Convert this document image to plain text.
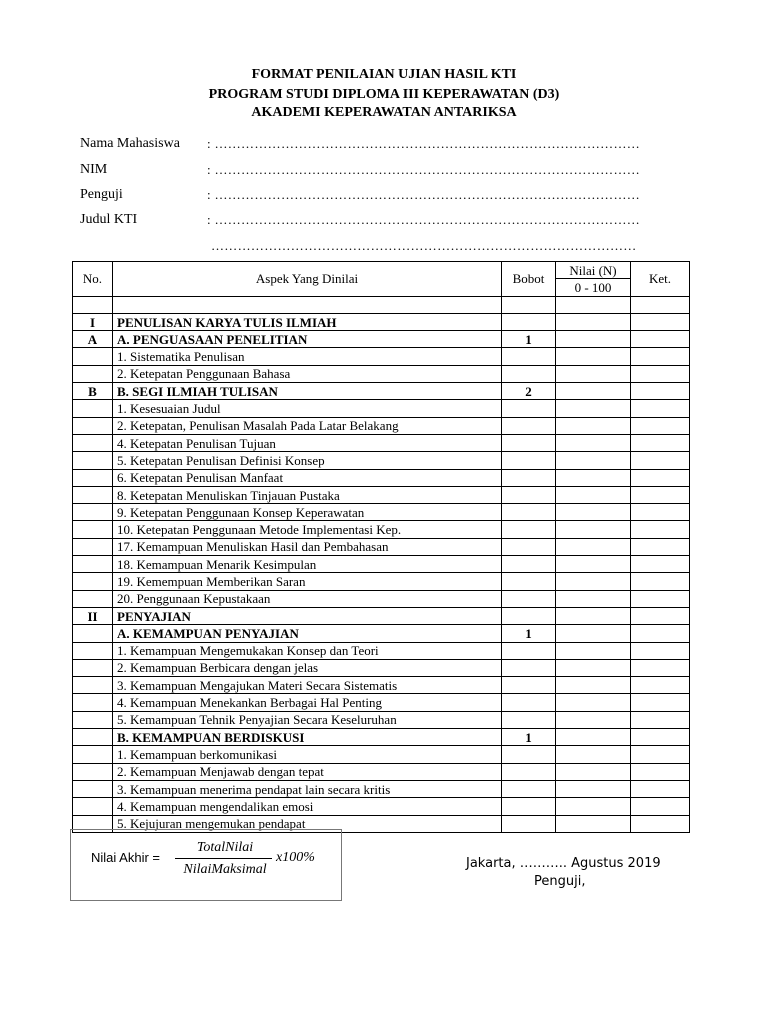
FORMAT PENILAIAN UJIAN HASIL KTI
PROGRAM STUDI DIPLOMA III KEPERAWATAN (D3)
AKADEMI KEPERAWATAN ANTARIKSA
Nama Mahasiswa : ……………………………………………………………………………………
NIM	: ……………………………………………………………………………………
Penguji	: ……………………………………………………………………………………
Judul KTI	: ……………………………………………………………………………………
……………………………………………………………………………………
No.	Aspek Yang Dinilai	Bobot	Nilai (N)	Ket.
			0 - 100	

I	PENULISAN KARYA TULIS ILMIAH			
A	A. PENGUASAAN PENELITIAN	1		
	1. Sistematika Penulisan			
	2. Ketepatan Penggunaan Bahasa			
B	B. SEGI ILMIAH TULISAN	2		
	1. Kesesuaian Judul			
	2. Ketepatan, Penulisan Masalah Pada Latar Belakang			
	4. Ketepatan Penulisan Tujuan			
	5. Ketepatan Penulisan Definisi Konsep			
	6. Ketepatan Penulisan Manfaat			
	8. Ketepatan Menuliskan Tinjauan Pustaka			
	9. Ketepatan Penggunaan Konsep Keperawatan			
	10. Ketepatan Penggunaan Metode Implementasi Kep.			
	17. Kemampuan Menuliskan Hasil dan Pembahasan			
	18. Kemampuan Menarik Kesimpulan			
	19. Kemempuan Memberikan Saran			
	20. Penggunaan Kepustakaan			
II	PENYAJIAN			
	A. KEMAMPUAN PENYAJIAN	1		
	1. Kemampuan Mengemukakan Konsep dan Teori			
	2. Kemampuan Berbicara dengan jelas			
	3. Kemampuan Mengajukan Materi Secara Sistematis			
	4. Kemampuan Menekankan Berbagai Hal Penting			
	5. Kemampuan Tehnik Penyajian Secara Keseluruhan			
	B. KEMAMPUAN BERDISKUSI	1		
	1. Kemampuan berkomunikasi			
	2. Kemampuan Menjawab dengan tepat			
	3. Kemampuan menerima pendapat lain secara kritis			
	4. Kemampuan mengendalikan emosi			
	5. Kejujuran mengemukan pendapat			
Nilai Akhir =
TotalNilai
NilaiMaksimal
x100%	Jakarta, ……….. Agustus 2019
Penguji,
